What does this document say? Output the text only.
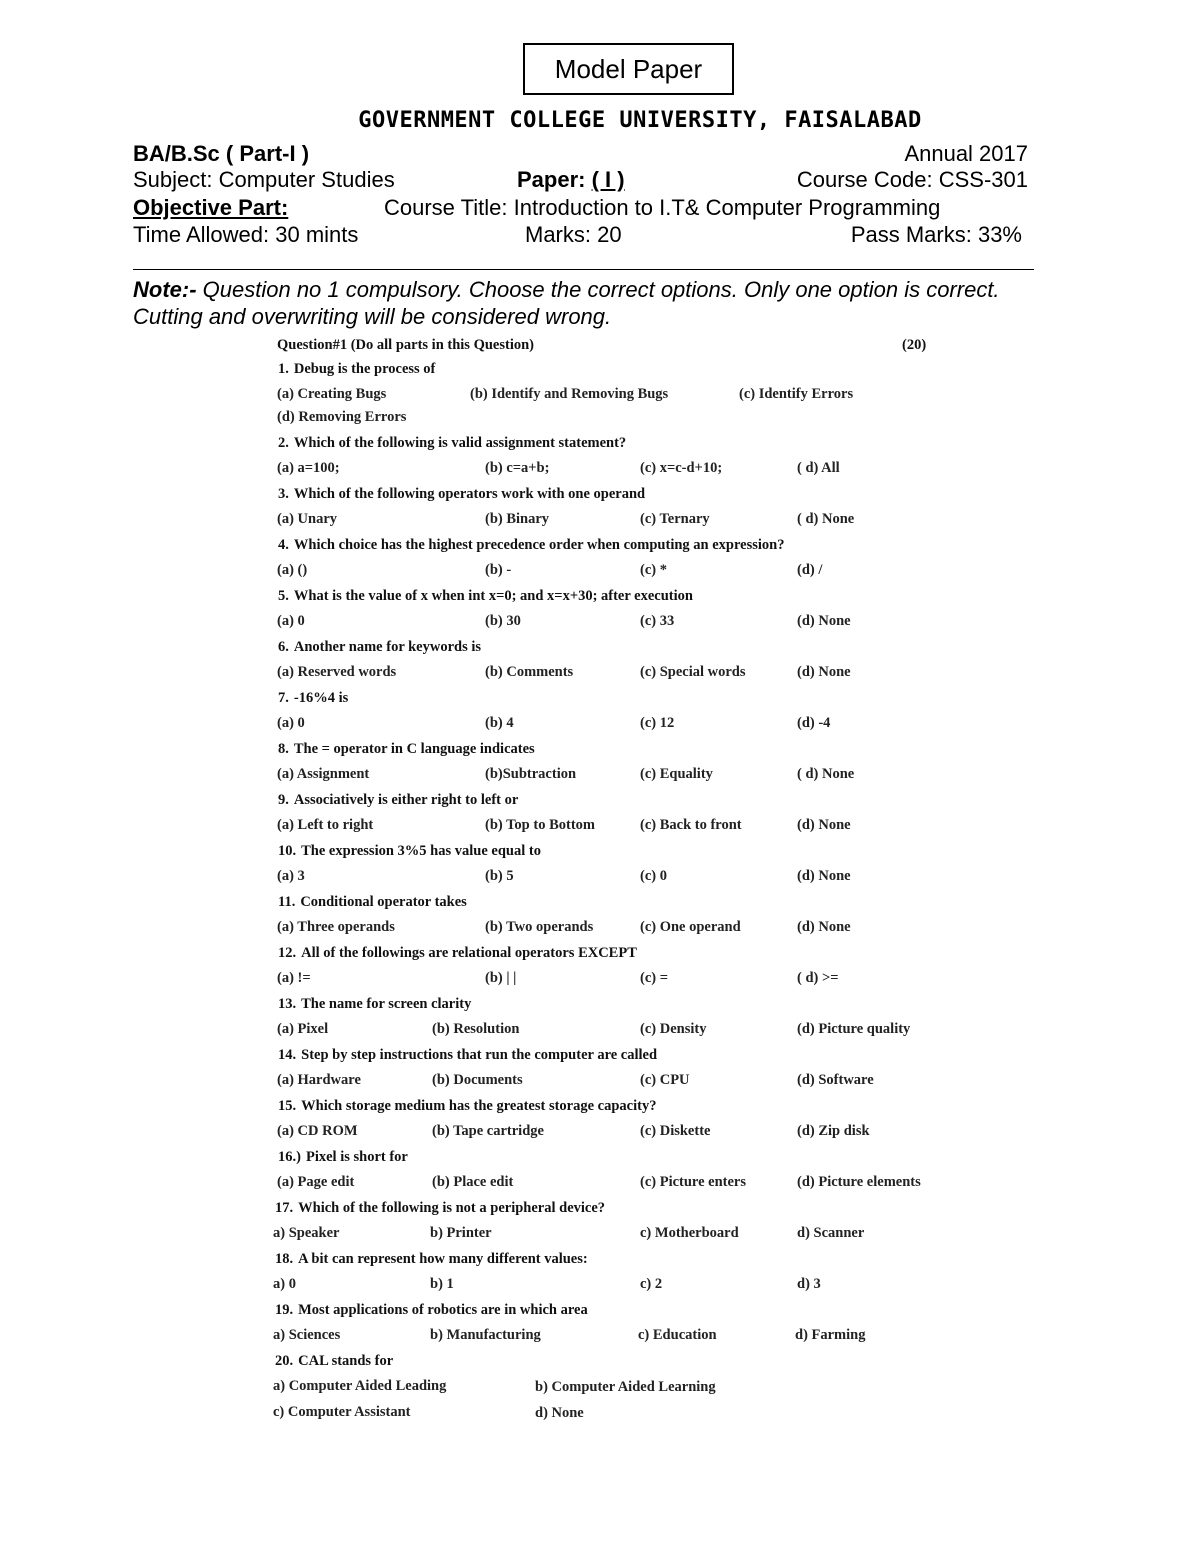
Model Paper
GOVERNMENT COLLEGE UNIVERSITY, FAISALABAD
BA/B.Sc ( Part-I )	Annual 2017
Subject: Computer Studies	Paper: ( I )	Course Code: CSS-301
Objective Part:	Course Title: Introduction to I.T& Computer Programming
Time Allowed: 30 mints	Marks: 20	Pass Marks: 33%
Note:- Question no 1 compulsory. Choose the correct options. Only one option is correct. Cutting and overwriting will be considered wrong.
Question#1 (Do all parts in this Question)	(20)
1. Debug is the process of
(a) Creating Bugs	(b) Identify and Removing Bugs	(c) Identify Errors
(d) Removing Errors
2. Which of the following is valid assignment statement?
(a) a=100;	(b) c=a+b;	(c) x=c-d+10;	( d) All
3. Which of the following operators work with one operand
(a) Unary	(b) Binary	(c) Ternary	( d) None
4. Which choice has the highest precedence order when computing an expression?
(a) ()	(b) -	(c) *	(d) /
5. What is the value of x when int x=0; and x=x+30; after execution
(a) 0	(b) 30	(c) 33	(d) None
6. Another name for keywords is
(a) Reserved words	(b) Comments	(c) Special words	(d) None
7. -16%4 is
(a) 0	(b) 4	(c) 12	(d) -4
8. The = operator in C language indicates
(a) Assignment	(b)Subtraction	(c) Equality	( d) None
9. Associatively is either right to left or
(a) Left to right	(b) Top to Bottom	(c) Back to front	(d) None
10. The expression 3%5 has value equal to
(a) 3	(b) 5	(c) 0	(d) None
11. Conditional operator takes
(a) Three operands	(b) Two operands	(c) One operand	(d) None
12. All of the followings are relational operators EXCEPT
(a) !=	(b) | |	(c) =	( d) >=
13. The name for screen clarity
(a) Pixel	(b) Resolution	(c) Density	(d) Picture quality
14. Step by step instructions that run the computer are called
(a) Hardware	(b) Documents	(c) CPU	(d) Software
15. Which storage medium has the greatest storage capacity?
(a) CD ROM	(b) Tape cartridge	(c) Diskette	(d) Zip disk
16.) Pixel is short for
(a) Page edit	(b) Place edit	(c) Picture enters	(d) Picture elements
17. Which of the following is not a peripheral device?
a) Speaker	b) Printer	c) Motherboard	d) Scanner
18. A bit can represent how many different values:
a) 0	b) 1	c) 2	d) 3
19. Most applications of robotics are in which area
a) Sciences	b) Manufacturing	c) Education	d) Farming
20. CAL stands for
a) Computer Aided Leading	b) Computer Aided Learning
c) Computer Assistant	d) None
